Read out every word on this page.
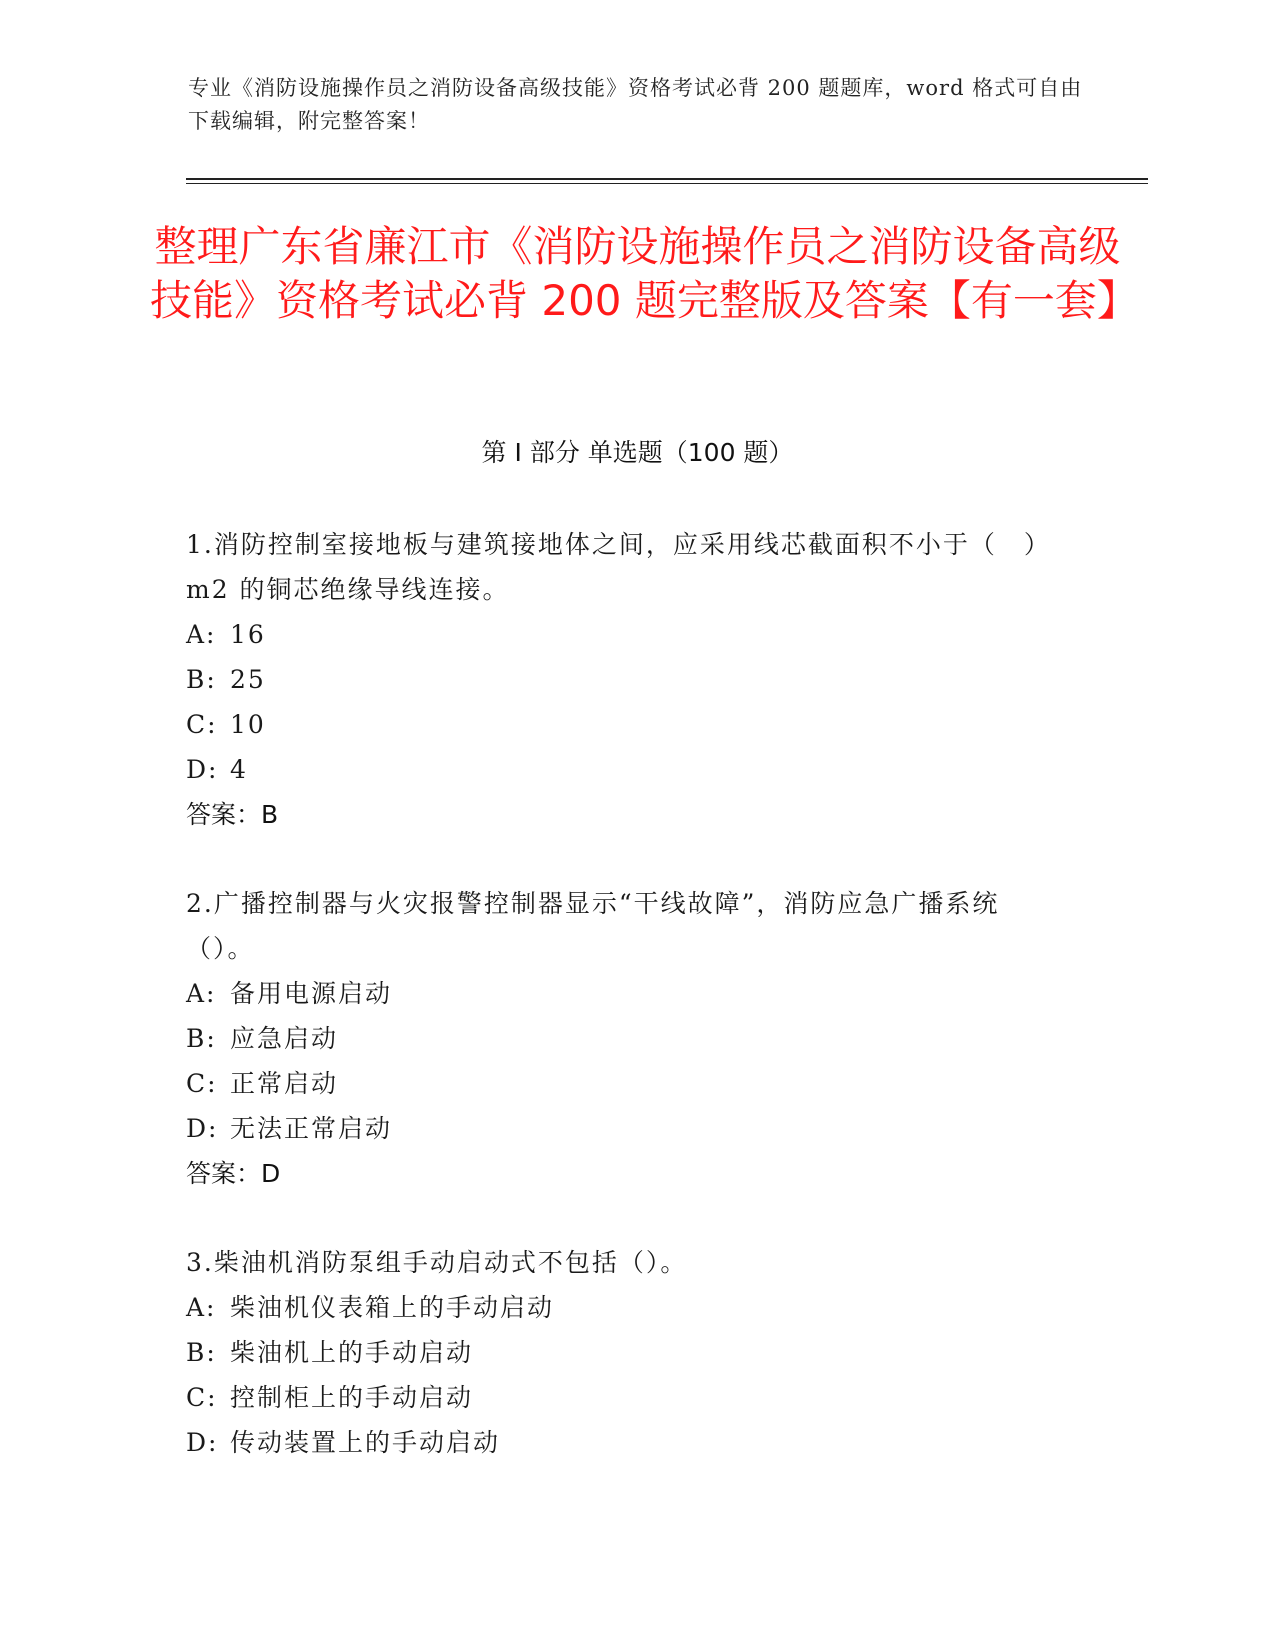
专业《消防设施操作员之消防设备高级技能》资格考试必背 200 题题库，word 格式可自由下载编辑，附完整答案！
整理广东省廉江市《消防设施操作员之消防设备高级技能》资格考试必背 200 题完整版及答案【有一套】
第 I 部分 单选题（100 题）
1.消防控制室接地板与建筑接地体之间，应采用线芯截面积不小于（　）m2 的铜芯绝缘导线连接。
A: 16
B: 25
C: 10
D: 4
答案：B
2.广播控制器与火灾报警控制器显示“干线故障”，消防应急广播系统（）。
A: 备用电源启动
B: 应急启动
C: 正常启动
D: 无法正常启动
答案：D
3.柴油机消防泵组手动启动式不包括（）。
A: 柴油机仪表箱上的手动启动
B: 柴油机上的手动启动
C: 控制柜上的手动启动
D: 传动装置上的手动启动
